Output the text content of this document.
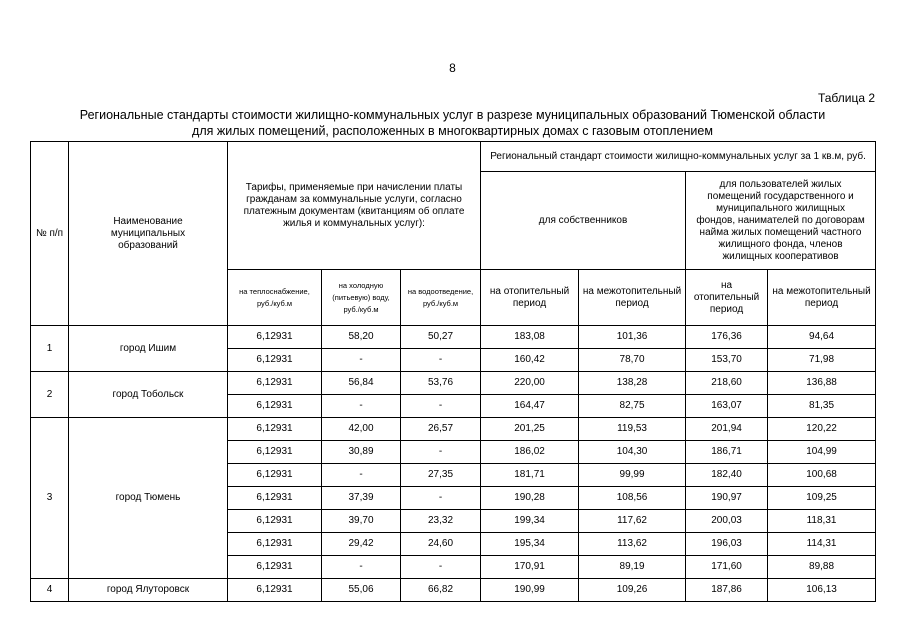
8
Таблица 2
Региональные стандарты стоимости жилищно-коммунальных услуг в разрезе муниципальных образований Тюменской области
для жилых помещений, расположенных в многоквартирных домах с газовым отоплением
№ п/п	Наименование муниципальных образований	Тарифы, применяемые при начислении платы гражданам за коммунальные услуги, согласно платежным документам (квитанциям об оплате жилья и коммунальных услуг):			Региональный стандарт стоимости жилищно-коммунальных услуг за 1 кв.м, руб.			
					для собственников		для пользователей жилых помещений государственного и муниципального жилищных фондов, нанимателей по договорам найма жилых помещений частного жилищного фонда, членов жилищных кооперативов	
		на теплоснабжение, руб./куб.м	на холодную (питьевую) воду, руб./куб.м	на водоотведение, руб./куб.м	на отопительный период	на межотопительный период	на отопительный период	на межотопительный период
1	город Ишим	6,12931	58,20	50,27	183,08	101,36	176,36	94,64
		6,12931	-	-	160,42	78,70	153,70	71,98
2	город Тобольск	6,12931	56,84	53,76	220,00	138,28	218,60	136,88
		6,12931	-	-	164,47	82,75	163,07	81,35
3	город Тюмень	6,12931	42,00	26,57	201,25	119,53	201,94	120,22
		6,12931	30,89	-	186,02	104,30	186,71	104,99
		6,12931	-	27,35	181,71	99,99	182,40	100,68
		6,12931	37,39	-	190,28	108,56	190,97	109,25
		6,12931	39,70	23,32	199,34	117,62	200,03	118,31
		6,12931	29,42	24,60	195,34	113,62	196,03	114,31
		6,12931	-	-	170,91	89,19	171,60	89,88
4	город Ялуторовск	6,12931	55,06	66,82	190,99	109,26	187,86	106,13
